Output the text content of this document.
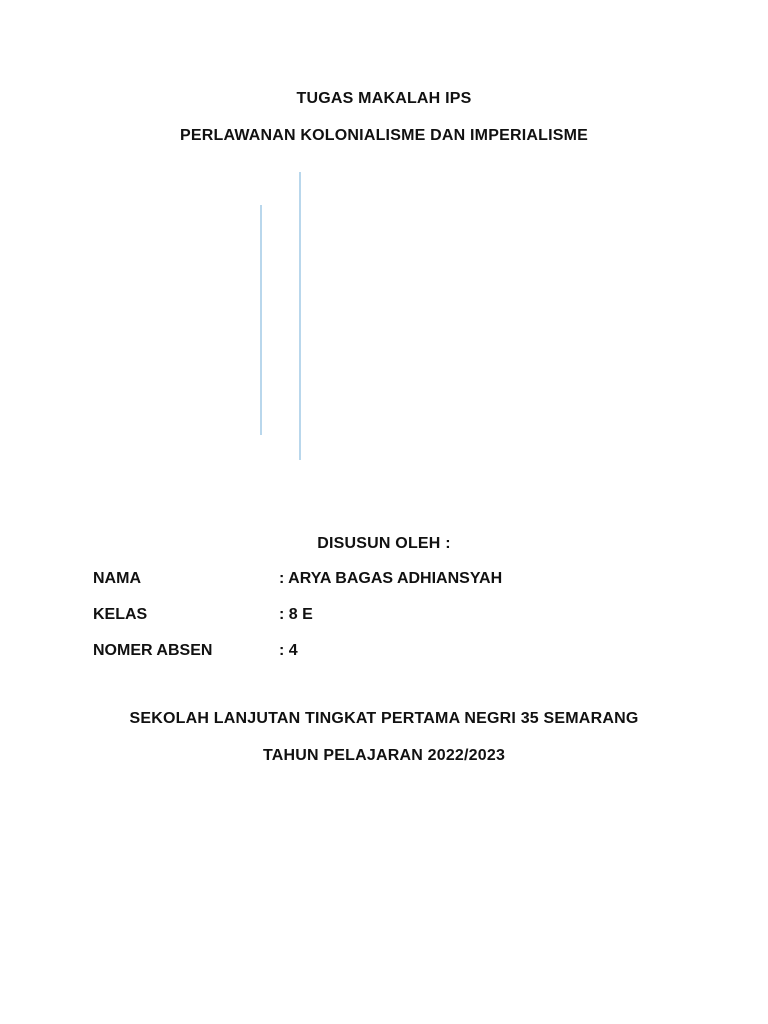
TUGAS MAKALAH IPS
PERLAWANAN KOLONIALISME DAN IMPERIALISME
DISUSUN OLEH :
NAMA	: ARYA BAGAS ADHIANSYAH
KELAS	: 8 E
NOMER ABSEN	: 4
SEKOLAH LANJUTAN TINGKAT PERTAMA NEGRI 35 SEMARANG
TAHUN PELAJARAN 2022/2023
